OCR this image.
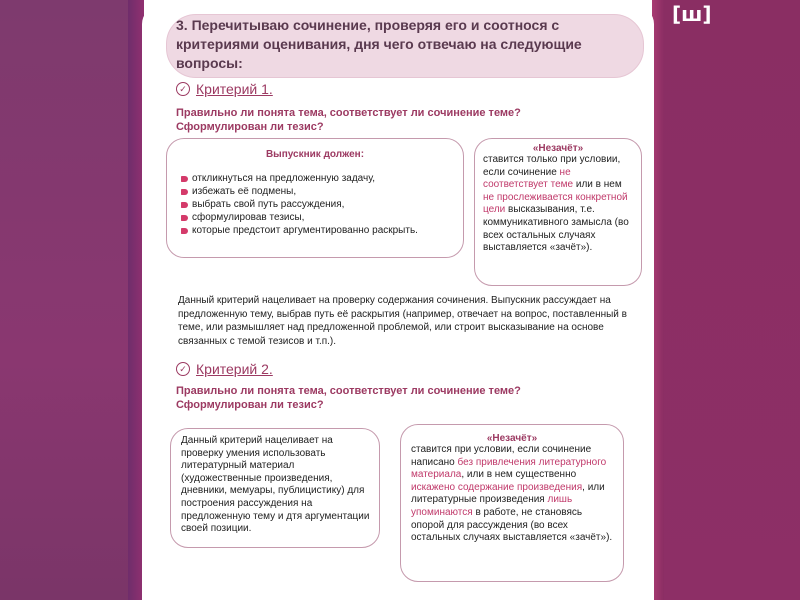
[ш]
3. Перечитываю сочинение, проверяя его и соотнося с критериями оценивания, дня чего отвечаю на следующие вопросы:
✓ Критерий 1.
Правильно ли понята тема, соответствует ли сочинение теме?
Сформулирован ли тезис?
Выпускник должен:
откликнуться на предложенную задачу,
избежать её подмены,
выбрать свой путь рассуждения,
сформулировав тезисы,
которые предстоит аргументированно раскрыть.
«Незачёт»
ставится только при условии, если сочинение не соответствует теме или в нем не прослеживается конкретной цели высказывания, т.е. коммуникативного замысла (во всех остальных случаях выставляется «зачёт»).
Данный критерий нацеливает на проверку содержания сочинения. Выпускник рассуждает на предложенную тему, выбрав путь её раскрытия (например, отвечает на вопрос, поставленный в теме, или размышляет над предложенной проблемой, или строит высказывание на основе связанных с темой тезисов и т.п.).
✓ Критерий 2.
Правильно ли понята тема, соответствует ли сочинение теме?
Сформулирован ли тезис?
Данный критерий нацеливает на проверку умения использовать литературный материал (художественные произведения, дневники, мемуары, публицистику) для построения рассуждения на предложенную тему и дтя аргументации своей позиции.
«Незачёт»
ставится при условии, если сочинение написано без привлечения литературного материала, или в нем существенно искажено содержание произведения, или литературные произведения лишь упоминаются в работе, не становясь опорой для рассуждения (во всех остальных случаях выставляется «зачёт»).
